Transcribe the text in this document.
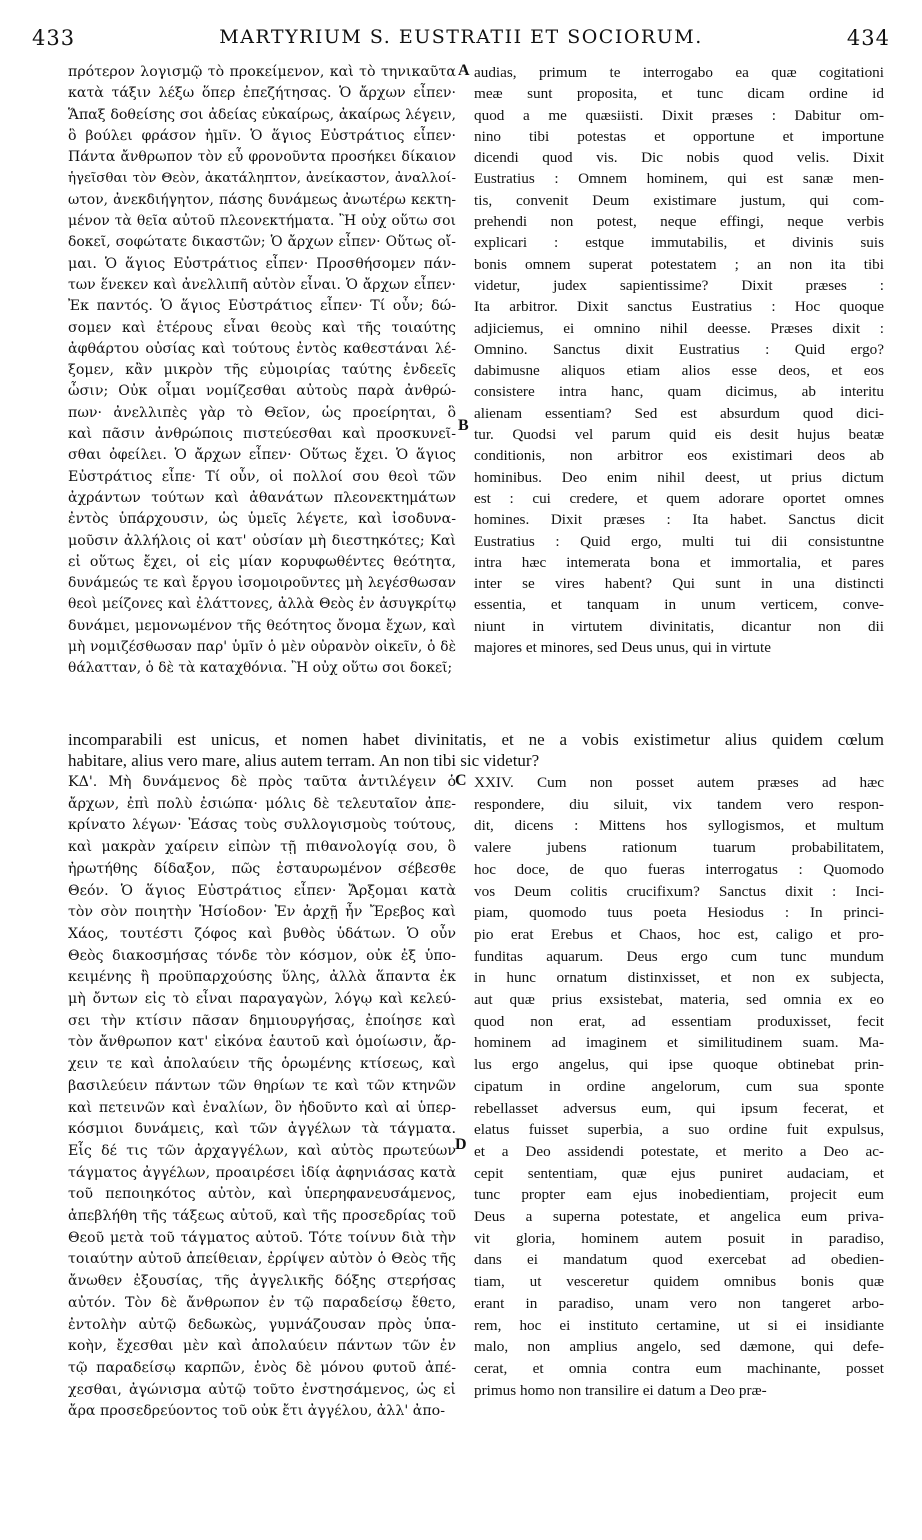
433	MARTYRIUM S. EUSTRATII ET SOCIORUM.	434
πρότερον λογισμῷ τὸ προκείμενον, καὶ τὸ τηνικαῦτα
κατὰ τάξιν λέξω ὅπερ ἐπεζήτησας. Ὁ ἄρχων εἶπεν·
Ἅπαξ δοθείσης σοι ἀδείας εὐκαίρως, ἀκαίρως λέγειν,
ὃ βούλει φράσον ἡμῖν. Ὁ ἅγιος Εὐστράτιος εἶπεν·
Πάντα ἄνθρωπον τὸν εὖ φρονοῦντα προσήκει δίκαιον
ἡγεῖσθαι τὸν Θεὸν, ἀκατάληπτον, ἀνείκαστον, ἀναλλοί-
ωτον, ἀνεκδιήγητον, πάσης δυνάμεως ἀνωτέρω κεκτη-
μένον τὰ θεῖα αὐτοῦ πλεονεκτήματα. Ἢ οὐχ οὕτω σοι
δοκεῖ, σοφώτατε δικαστῶν; Ὁ ἄρχων εἶπεν· Οὕτως οἴ-
μαι. Ὁ ἅγιος Εὐστράτιος εἶπεν· Προσθήσομεν πάν-
των ἕνεκεν καὶ ἀνελλιπῆ αὐτὸν εἶναι. Ὁ ἄρχων εἶπεν·
Ἐκ παντός. Ὁ ἅγιος Εὐστράτιος εἶπεν· Τί οὖν; δώ-
σομεν καὶ ἑτέρους εἶναι θεοὺς καὶ τῆς τοιαύτης
ἀφθάρτου οὐσίας καὶ τούτους ἐντὸς καθεστάναι λέ-
ξομεν, κἂν μικρὸν τῆς εὐμοιρίας ταύτης ἐνδεεῖς
ὦσιν; Οὐκ οἶμαι νομίζεσθαι αὐτοὺς παρὰ ἀνθρώ-
πων· ἀνελλιπὲς γὰρ τὸ Θεῖον, ὡς προείρηται, ὃ
καὶ πᾶσιν ἀνθρώποις πιστεύεσθαι καὶ προσκυνεῖ-
σθαι ὀφείλει. Ὁ ἄρχων εἶπεν· Οὕτως ἔχει. Ὁ ἅγιος
Εὐστράτιος εἶπε· Τί οὖν, οἱ πολλοί σου θεοὶ τῶν
ἀχράντων τούτων καὶ ἀθανάτων πλεονεκτημάτων
ἐντὸς ὑπάρχουσιν, ὡς ὑμεῖς λέγετε, καὶ ἰσοδυνα-
μοῦσιν ἀλλήλοις οἱ κατ' οὐσίαν μὴ διεστηκότες; Καὶ
εἰ οὕτως ἔχει, οἱ εἰς μίαν κορυφωθέντες θεότητα,
δυνάμεώς τε καὶ ἔργου ἰσομοιροῦντες μὴ λεγέσθωσαν
θεοὶ μείζονες καὶ ἐλάττονες, ἀλλὰ Θεὸς ἐν ἀσυγκρίτῳ
δυνάμει, μεμονωμένον τῆς θεότητος ὄνομα ἔχων, καὶ
μὴ νομιζέσθωσαν παρ' ὑμῖν ὁ μὲν οὐρανὸν οἰκεῖν, ὁ δὲ
θάλατταν, ὁ δὲ τὰ καταχθόνια. Ἢ οὐχ οὕτω σοι δοκεῖ;
audias, primum te interrogabo ea quæ cogitationi
meæ sunt proposita, et tunc dicam ordine id
quod a me quæsiisti. Dixit præses : Dabitur om-
nino tibi potestas et opportune et importune
dicendi quod vis. Dic nobis quod velis. Dixit
Eustratius : Omnem hominem, qui est sanæ men-
tis, convenit Deum existimare justum, qui com-
prehendi non potest, neque effingi, neque verbis
explicari : estque immutabilis, et divinis suis
bonis omnem superat potestatem ; an non ita tibi
videtur, judex sapientissime? Dixit præses :
Ita arbitror. Dixit sanctus Eustratius : Hoc quoque
adjiciemus, ei omnino nihil deesse. Præses dixit :
Omnino. Sanctus dixit Eustratius : Quid ergo?
dabimusne aliquos etiam alios esse deos, et eos
consistere intra hanc, quam dicimus, ab interitu
alienam essentiam? Sed est absurdum quod dici-
tur. Quodsi vel parum quid eis desit hujus beatæ
conditionis, non arbitror eos existimari deos ab
hominibus. Deo enim nihil deest, ut prius dictum
est : cui credere, et quem adorare oportet omnes
homines. Dixit præses : Ita habet. Sanctus dicit
Eustratius : Quid ergo, multi tui dii consistuntne
intra hæc intemerata bona et immortalia, et pares
inter se vires habent? Qui sunt in una distincti
essentia, et tanquam in unum verticem, conve-
niunt in virtutem divinitatis, dicantur non dii
majores et minores, sed Deus unus, qui in virtute
incomparabili est unicus, et nomen habet divinitatis, et ne a vobis existimetur alius quidem cœlum
habitare, alius vero mare, alius autem terram. An non tibi sic videtur?
ΚΔ'. Μὴ δυνάμενος δὲ πρὸς ταῦτα ἀντιλέγειν ὁ
ἄρχων, ἐπὶ πολὺ ἐσιώπα· μόλις δὲ τελευταῖον ἀπε-
κρίνατο λέγων· Ἐάσας τοὺς συλλογισμοὺς τούτους,
καὶ μακρὰν χαίρειν εἰπὼν τῇ πιθανολογίᾳ σου, ὃ
ἠρωτήθης δίδαξον, πῶς ἐσταυρωμένον σέβεσθε
Θεόν. Ὁ ἅγιος Εὐστράτιος εἶπεν· Ἄρξομαι κατὰ
τὸν σὸν ποιητὴν Ἡσίοδον· Ἐν ἀρχῇ ἦν Ἔρεβος καὶ
Χάος, τουτέστι ζόφος καὶ βυθὸς ὑδάτων. Ὁ οὖν
Θεὸς διακοσμήσας τόνδε τὸν κόσμον, οὐκ ἐξ ὑπο-
κειμένης ἢ προϋπαρχούσης ὕλης, ἀλλὰ ἅπαντα ἐκ
μὴ ὄντων εἰς τὸ εἶναι παραγαγὼν, λόγῳ καὶ κελεύ-
σει τὴν κτίσιν πᾶσαν δημιουργήσας, ἐποίησε καὶ
τὸν ἄνθρωπον κατ' εἰκόνα ἑαυτοῦ καὶ ὁμοίωσιν, ἄρ-
χειν τε καὶ ἀπολαύειν τῆς ὁρωμένης κτίσεως, καὶ
βασιλεύειν πάντων τῶν θηρίων τε καὶ τῶν κτηνῶν
καὶ πετεινῶν καὶ ἐναλίων, ὃν ἠδοῦντο καὶ αἱ ὑπερ-
κόσμιοι δυνάμεις, καὶ τῶν ἀγγέλων τὰ τάγματα.
Εἷς δέ τις τῶν ἀρχαγγέλων, καὶ αὐτὸς πρωτεύων
τάγματος ἀγγέλων, προαιρέσει ἰδίᾳ ἀφηνιάσας κατὰ
τοῦ πεποιηκότος αὐτὸν, καὶ ὑπερηφανευσάμενος,
ἀπεβλήθη τῆς τάξεως αὐτοῦ, καὶ τῆς προσεδρίας τοῦ
Θεοῦ μετὰ τοῦ τάγματος αὐτοῦ. Τότε τοίνυν διὰ τὴν
τοιαύτην αὐτοῦ ἀπείθειαν, ἐρρίψεν αὐτὸν ὁ Θεὸς τῆς
ἄνωθεν ἐξουσίας, τῆς ἀγγελικῆς δόξης στερήσας
αὐτόν. Τὸν δὲ ἄνθρωπον ἐν τῷ παραδείσῳ ἔθετο,
ἐντολὴν αὐτῷ δεδωκὼς, γυμνάζουσαν πρὸς ὑπα-
κοὴν, ἔχεσθαι μὲν καὶ ἀπολαύειν πάντων τῶν ἐν
τῷ παραδείσῳ καρπῶν, ἑνὸς δὲ μόνου φυτοῦ ἀπέ-
χεσθαι, ἀγώνισμα αὐτῷ τοῦτο ἐνστησάμενος, ὡς εἰ
ἄρα προσεδρεύοντος τοῦ οὐκ ἔτι ἀγγέλου, ἀλλ' ἀπο-
XXIV. Cum non posset autem præses ad hæc
respondere, diu siluit, vix tandem vero respon-
dit, dicens : Mittens hos syllogismos, et multum
valere jubens rationum tuarum probabilitatem,
hoc doce, de quo fueras interrogatus : Quomodo
vos Deum colitis crucifixum? Sanctus dixit : Inci-
piam, quomodo tuus poeta Hesiodus : In princi-
pio erat Erebus et Chaos, hoc est, caligo et pro-
funditas aquarum. Deus ergo cum tunc mundum
in hunc ornatum distinxisset, et non ex subjecta,
aut quæ prius exsistebat, materia, sed omnia ex eo
quod non erat, ad essentiam produxisset, fecit
hominem ad imaginem et similitudinem suam. Ma-
lus ergo angelus, qui ipse quoque obtinebat prin-
cipatum in ordine angelorum, cum sua sponte
rebellasset adversus eum, qui ipsum fecerat, et
elatus fuisset superbia, a suo ordine fuit expulsus,
et a Deo assidendi potestate, et merito a Deo ac-
cepit sententiam, quæ ejus puniret audaciam, et
tunc propter eam ejus inobedientiam, projecit eum
Deus a superna potestate, et angelica eum priva-
vit gloria, hominem autem posuit in paradiso,
dans ei mandatum quod exercebat ad obedien-
tiam, ut vesceretur quidem omnibus bonis quæ
erant in paradiso, unam vero non tangeret arbo-
rem, hoc ei instituto certamine, ut si ei insidiante
malo, non amplius angelo, sed dæmone, qui defe-
cerat, et omnia contra eum machinante, posset
primus homo non transilire ei datum a Deo præ-
A
B
C
D
